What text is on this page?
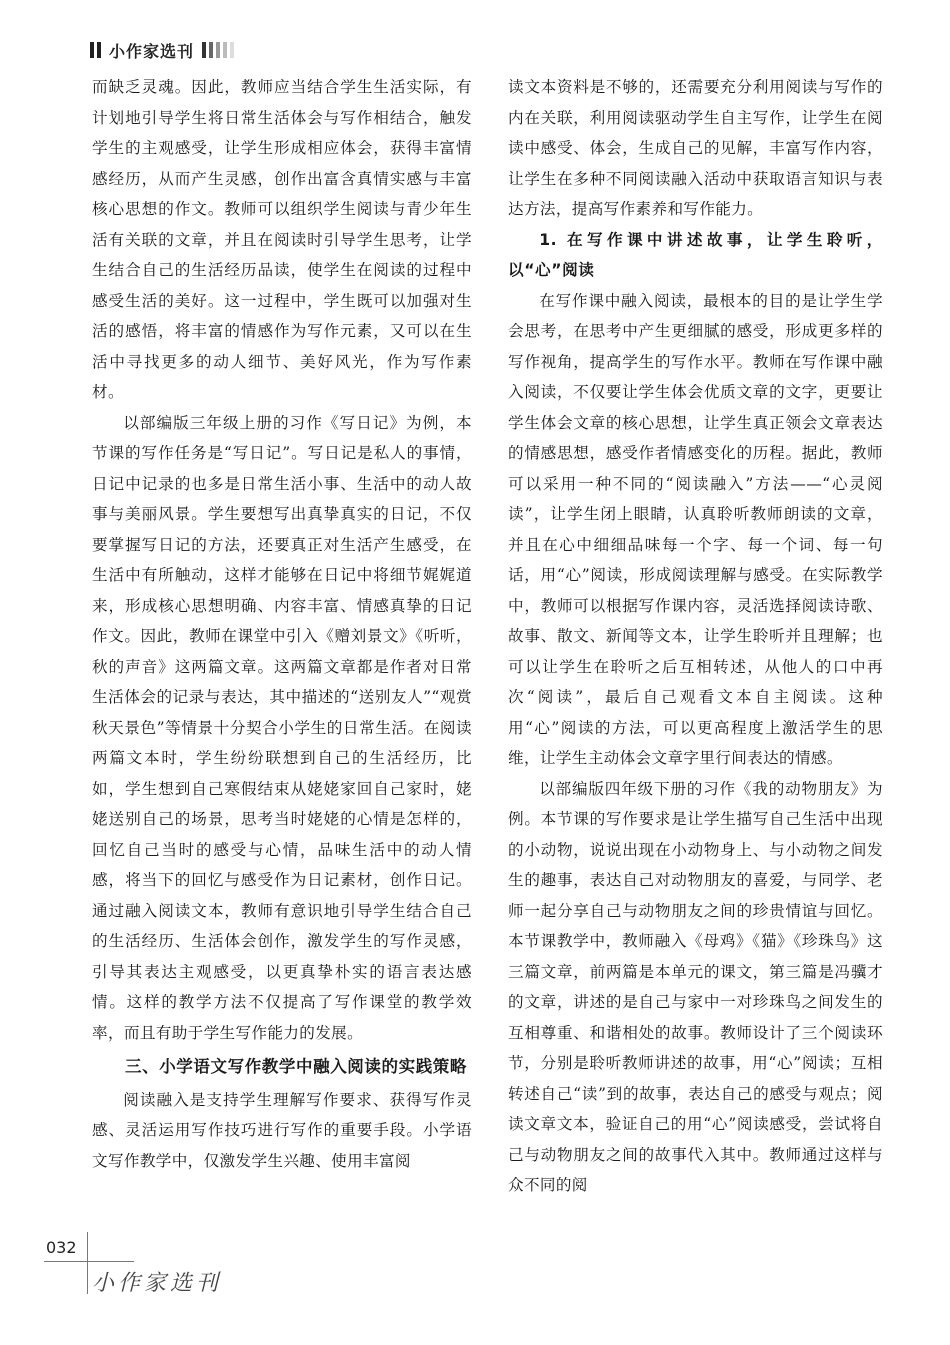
小作家选刊

而缺乏灵魂。因此，教师应当结合学生生活实际，有计划地引导学生将日常生活体会与写作相结合，触发学生的主观感受，让学生形成相应体会，获得丰富情感经历，从而产生灵感，创作出富含真情实感与丰富核心思想的作文。教师可以组织学生阅读与青少年生活有关联的文章，并且在阅读时引导学生思考，让学生结合自己的生活经历品读，使学生在阅读的过程中感受生活的美好。这一过程中，学生既可以加强对生活的感悟，将丰富的情感作为写作元素，又可以在生活中寻找更多的动人细节、美好风光，作为写作素材。

以部编版三年级上册的习作《写日记》为例，本节课的写作任务是“写日记”。写日记是私人的事情，日记中记录的也多是日常生活小事、生活中的动人故事与美丽风景。学生要想写出真挚真实的日记，不仅要掌握写日记的方法，还要真正对生活产生感受，在生活中有所触动，这样才能够在日记中将细节娓娓道来，形成核心思想明确、内容丰富、情感真挚的日记作文。因此，教师在课堂中引入《赠刘景文》《听听，秋的声音》这两篇文章。这两篇文章都是作者对日常生活体会的记录与表达，其中描述的“送别友人”“观赏秋天景色”等情景十分契合小学生的日常生活。在阅读两篇文本时，学生纷纷联想到自己的生活经历，比如，学生想到自己寒假结束从姥姥家回自己家时，姥姥送别自己的场景，思考当时姥姥的心情是怎样的，回忆自己当时的感受与心情，品味生活中的动人情感，将当下的回忆与感受作为日记素材，创作日记。通过融入阅读文本，教师有意识地引导学生结合自己的生活经历、生活体会创作，激发学生的写作灵感，引导其表达主观感受，以更真挚朴实的语言表达感情。这样的教学方法不仅提高了写作课堂的教学效率，而且有助于学生写作能力的发展。

三、小学语文写作教学中融入阅读的实践策略

阅读融入是支持学生理解写作要求、获得写作灵感、灵活运用写作技巧进行写作的重要手段。小学语文写作教学中，仅激发学生兴趣、使用丰富阅

读文本资料是不够的，还需要充分利用阅读与写作的内在关联，利用阅读驱动学生自主写作，让学生在阅读中感受、体会，生成自己的见解，丰富写作内容，让学生在多种不同阅读融入活动中获取语言知识与表达方法，提高写作素养和写作能力。

1. 在写作课中讲述故事，让学生聆听，以“心”阅读

在写作课中融入阅读，最根本的目的是让学生学会思考，在思考中产生更细腻的感受，形成更多样的写作视角，提高学生的写作水平。教师在写作课中融入阅读，不仅要让学生体会优质文章的文字，更要让学生体会文章的核心思想，让学生真正领会文章表达的情感思想，感受作者情感变化的历程。据此，教师可以采用一种不同的“阅读融入”方法——“心灵阅读”，让学生闭上眼睛，认真聆听教师朗读的文章，并且在心中细细品味每一个字、每一个词、每一句话，用“心”阅读，形成阅读理解与感受。在实际教学中，教师可以根据写作课内容，灵活选择阅读诗歌、故事、散文、新闻等文本，让学生聆听并且理解；也可以让学生在聆听之后互相转述，从他人的口中再次“阅读”，最后自己观看文本自主阅读。这种用“心”阅读的方法，可以更高程度上激活学生的思维，让学生主动体会文章字里行间表达的情感。

以部编版四年级下册的习作《我的动物朋友》为例。本节课的写作要求是让学生描写自己生活中出现的小动物，说说出现在小动物身上、与小动物之间发生的趣事，表达自己对动物朋友的喜爱，与同学、老师一起分享自己与动物朋友之间的珍贵情谊与回忆。本节课教学中，教师融入《母鸡》《猫》《珍珠鸟》这三篇文章，前两篇是本单元的课文，第三篇是冯骥才的文章，讲述的是自己与家中一对珍珠鸟之间发生的互相尊重、和谐相处的故事。教师设计了三个阅读环节，分别是聆听教师讲述的故事，用“心”阅读；互相转述自己“读”到的故事，表达自己的感受与观点；阅读文章文本，验证自己的用“心”阅读感受，尝试将自己与动物朋友之间的故事代入其中。教师通过这样与众不同的阅

032
小作家选刊
